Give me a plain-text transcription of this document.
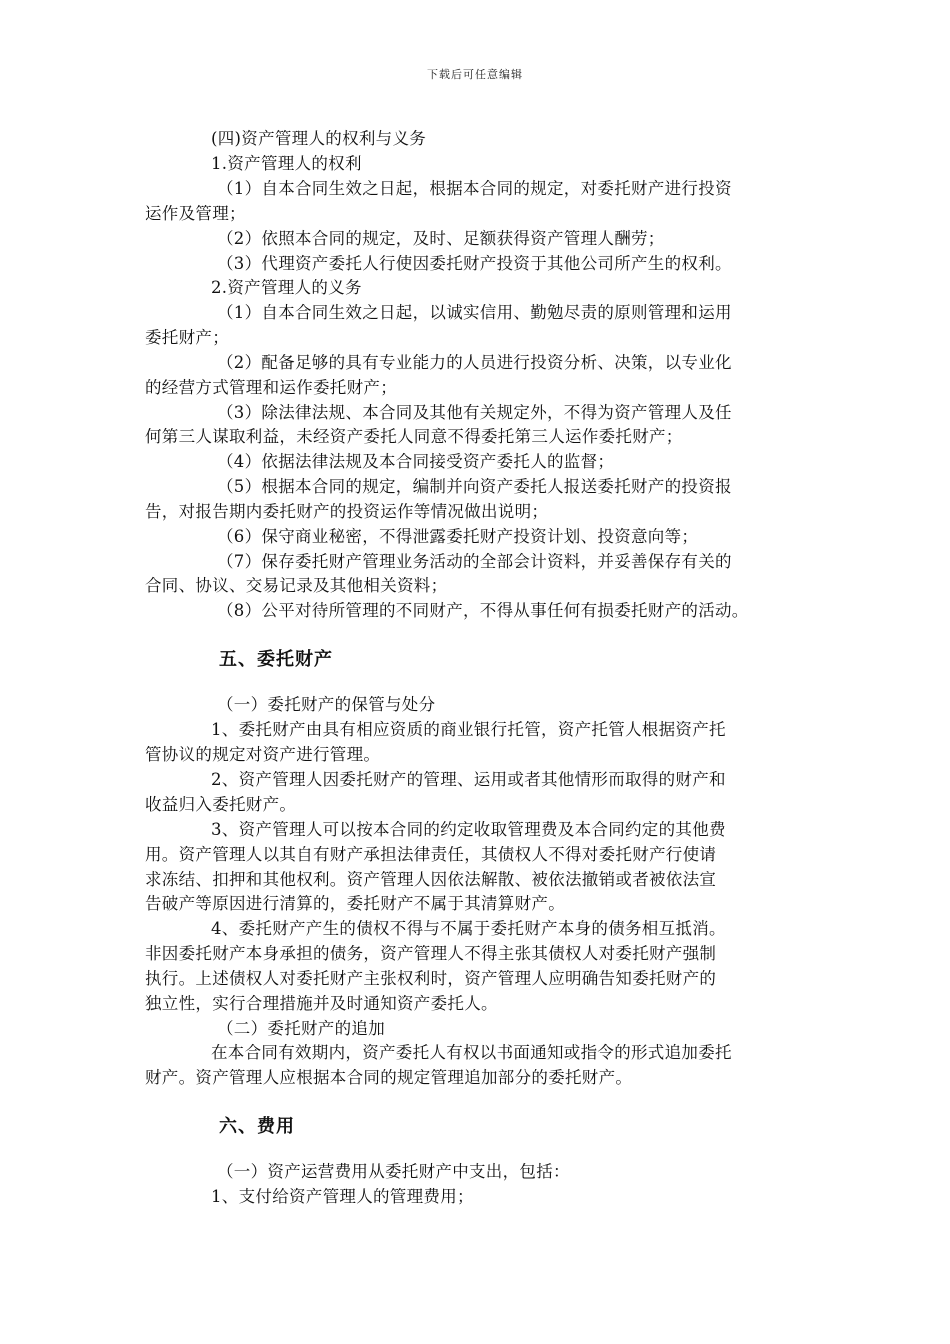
下载后可任意编辑
(四)资产管理人的权利与义务
1.资产管理人的权利
（1）自本合同生效之日起，根据本合同的规定，对委托财产进行投资
运作及管理；
（2）依照本合同的规定，及时、足额获得资产管理人酬劳；
（3）代理资产委托人行使因委托财产投资于其他公司所产生的权利。
2.资产管理人的义务
（1）自本合同生效之日起，以诚实信用、勤勉尽责的原则管理和运用
委托财产；
（2）配备足够的具有专业能力的人员进行投资分析、决策，以专业化
的经营方式管理和运作委托财产；
（3）除法律法规、本合同及其他有关规定外，不得为资产管理人及任
何第三人谋取利益，未经资产委托人同意不得委托第三人运作委托财产；
（4）依据法律法规及本合同接受资产委托人的监督；
（5）根据本合同的规定，编制并向资产委托人报送委托财产的投资报
告，对报告期内委托财产的投资运作等情况做出说明；
（6）保守商业秘密，不得泄露委托财产投资计划、投资意向等；
（7）保存委托财产管理业务活动的全部会计资料，并妥善保存有关的
合同、协议、交易记录及其他相关资料；
（8）公平对待所管理的不同财产，不得从事任何有损委托财产的活动。
五、委托财产
（一）委托财产的保管与处分
1、委托财产由具有相应资质的商业银行托管，资产托管人根据资产托
管协议的规定对资产进行管理。
2、资产管理人因委托财产的管理、运用或者其他情形而取得的财产和
收益归入委托财产。
3、资产管理人可以按本合同的约定收取管理费及本合同约定的其他费
用。资产管理人以其自有财产承担法律责任，其债权人不得对委托财产行使请
求冻结、扣押和其他权利。资产管理人因依法解散、被依法撤销或者被依法宣
告破产等原因进行清算的，委托财产不属于其清算财产。
4、委托财产产生的债权不得与不属于委托财产本身的债务相互抵消。
非因委托财产本身承担的债务，资产管理人不得主张其债权人对委托财产强制
执行。上述债权人对委托财产主张权利时，资产管理人应明确告知委托财产的
独立性，实行合理措施并及时通知资产委托人。
（二）委托财产的追加
在本合同有效期内，资产委托人有权以书面通知或指令的形式追加委托
财产。资产管理人应根据本合同的规定管理追加部分的委托财产。
六、费用
（一）资产运营费用从委托财产中支出，包括：
1、支付给资产管理人的管理费用；
